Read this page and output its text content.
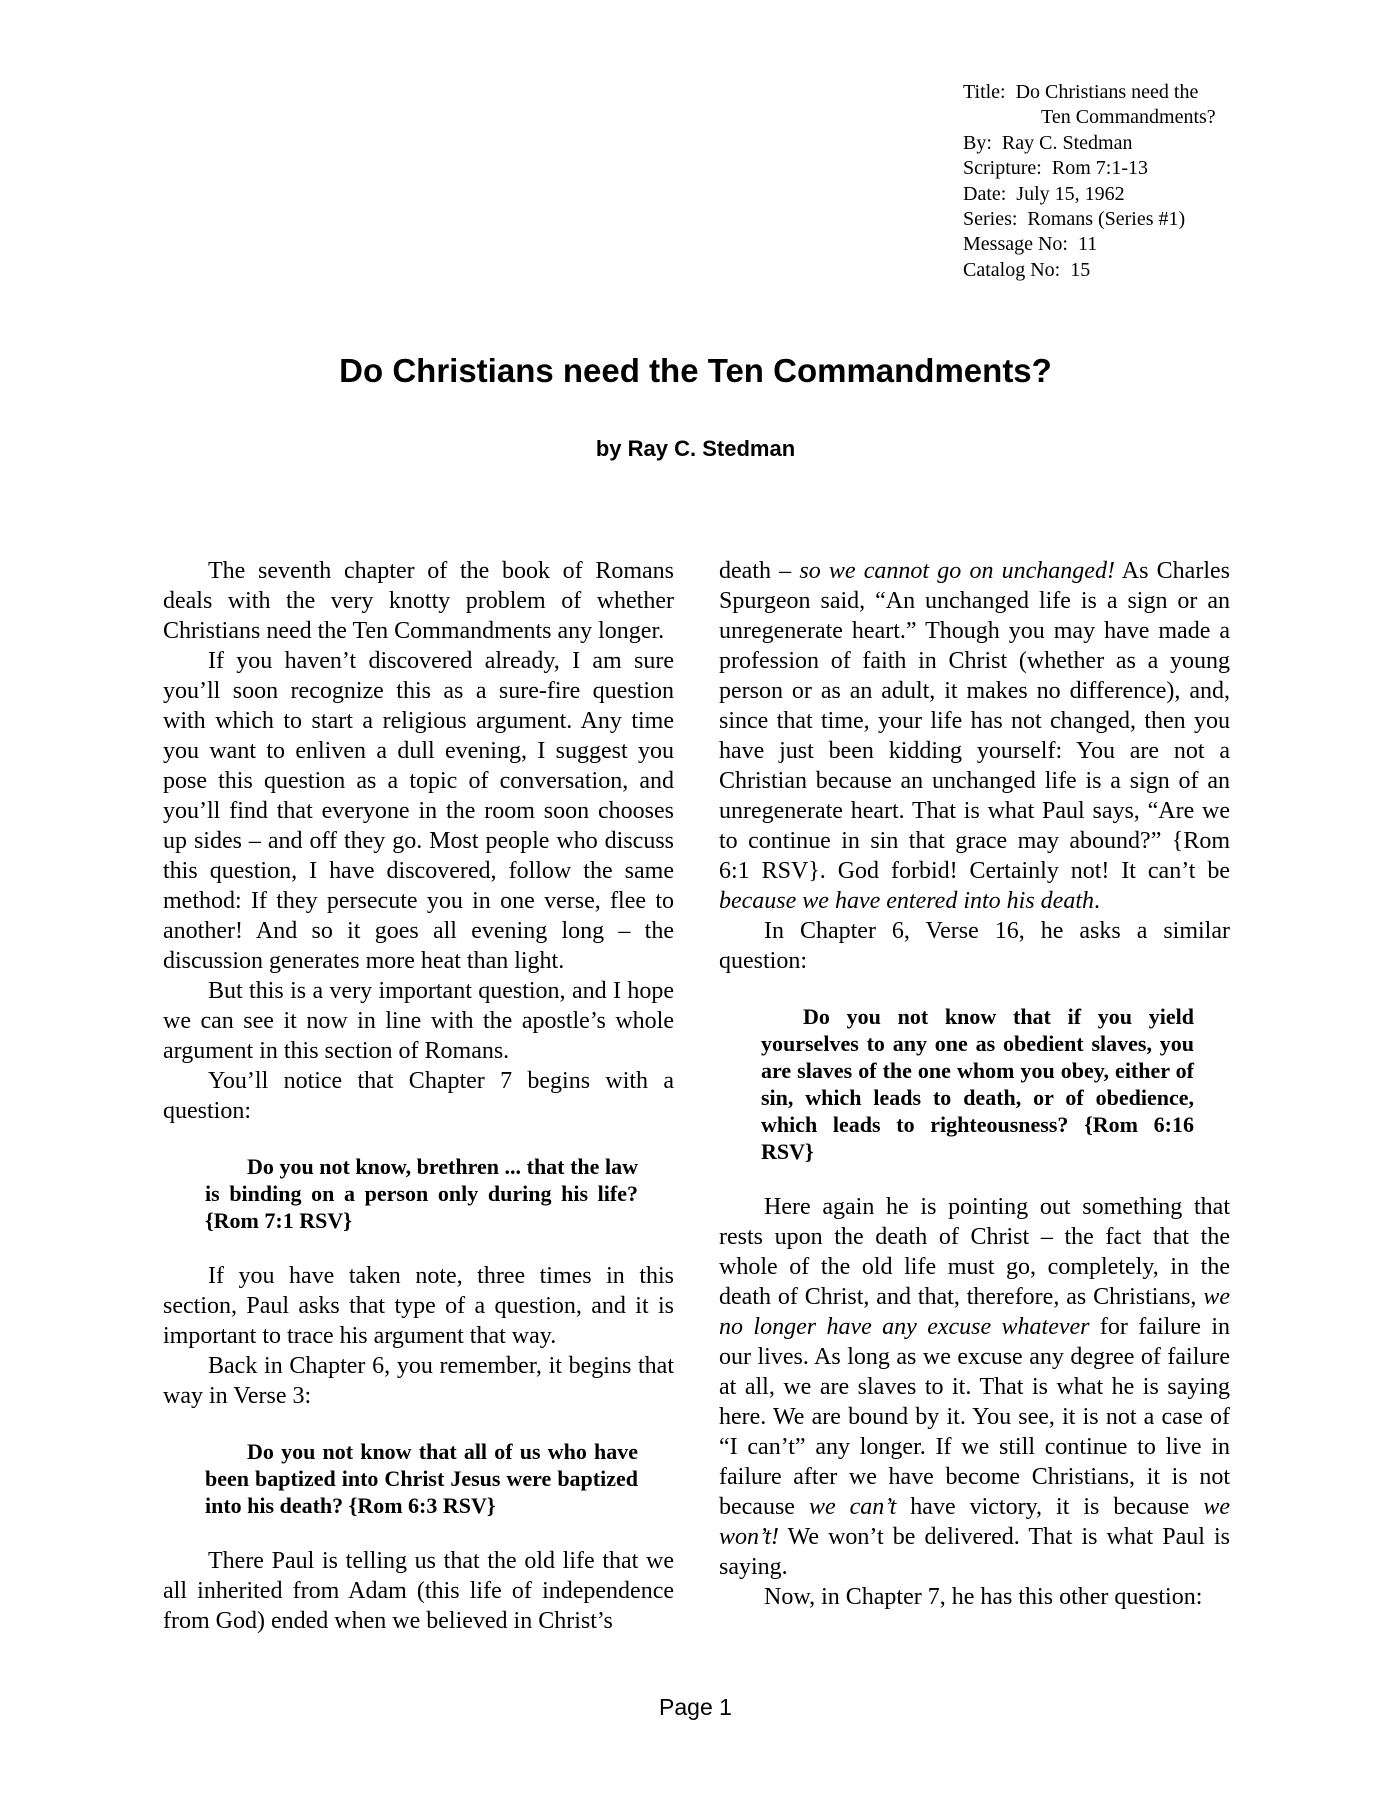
Title:  Do Christians need the
Ten Commandments?
By:  Ray C. Stedman
Scripture:  Rom 7:1-13
Date:  July 15, 1962
Series:  Romans (Series #1)
Message No:  11
Catalog No:  15
Do Christians need the Ten Commandments?
by Ray C. Stedman

The seventh chapter of the book of Romans deals with the very knotty problem of whether Christians need the Ten Commandments any longer.

If you haven’t discovered already, I am sure you’ll soon recognize this as a sure-fire question with which to start a religious argument. Any time you want to enliven a dull evening, I suggest you pose this question as a topic of conversation, and you’ll find that everyone in the room soon chooses up sides – and off they go. Most people who discuss this question, I have discovered, follow the same method: If they persecute you in one verse, flee to another! And so it goes all evening long – the discussion generates more heat than light.

But this is a very important question, and I hope we can see it now in line with the apostle’s whole argument in this section of Romans.

You’ll notice that Chapter 7 begins with a question:

Do you not know, brethren ... that the law is binding on a person only during his life? {Rom 7:1 RSV}

If you have taken note, three times in this section, Paul asks that type of a question, and it is important to trace his argument that way.

Back in Chapter 6, you remember, it begins that way in Verse 3:

Do you not know that all of us who have been baptized into Christ Jesus were baptized into his death? {Rom 6:3 RSV}

There Paul is telling us that the old life that we all inherited from Adam (this life of independence from God) ended when we believed in Christ’s

death – so we cannot go on unchanged! As Charles Spurgeon said, “An unchanged life is a sign or an unregenerate heart.” Though you may have made a profession of faith in Christ (whether as a young person or as an adult, it makes no difference), and, since that time, your life has not changed, then you have just been kidding yourself: You are not a Christian because an unchanged life is a sign of an unregenerate heart. That is what Paul says, “Are we to continue in sin that grace may abound?” {Rom 6:1 RSV}. God forbid! Certainly not! It can’t be because we have entered into his death.

In Chapter 6, Verse 16, he asks a similar question:

Do you not know that if you yield yourselves to any one as obedient slaves, you are slaves of the one whom you obey, either of sin, which leads to death, or of obedience, which leads to righteousness? {Rom 6:16 RSV}

Here again he is pointing out something that rests upon the death of Christ – the fact that the whole of the old life must go, completely, in the death of Christ, and that, therefore, as Christians, we no longer have any excuse whatever for failure in our lives. As long as we excuse any degree of failure at all, we are slaves to it. That is what he is saying here. We are bound by it. You see, it is not a case of “I can’t” any longer. If we still continue to live in failure after we have become Christians, it is not because we can’t have victory, it is because we won’t! We won’t be delivered. That is what Paul is saying.

Now, in Chapter 7, he has this other question:

Page 1
